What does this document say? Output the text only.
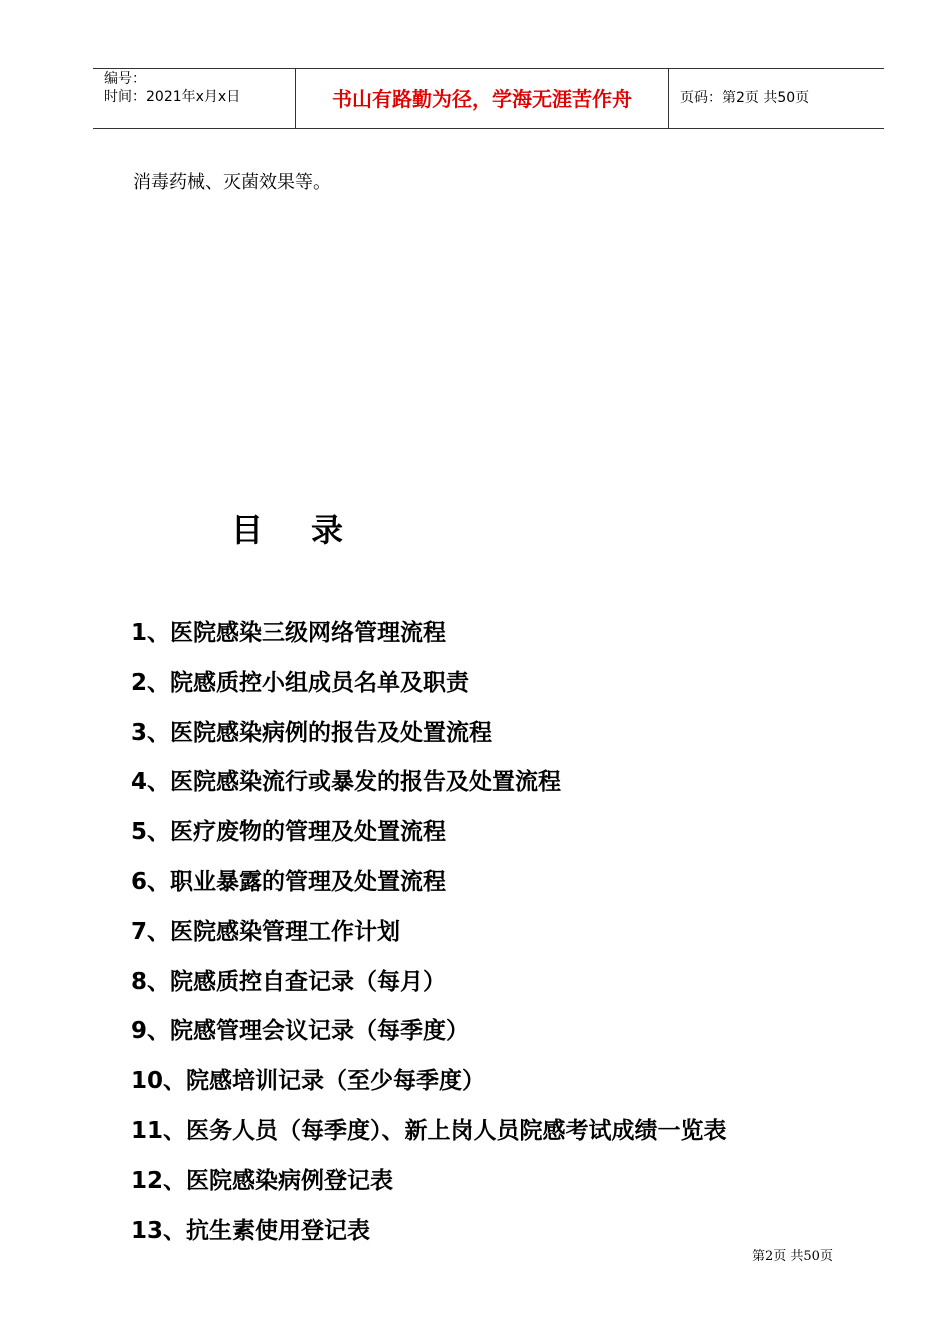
编号：
时间：2021年x月x日	书山有路勤为径，学海无涯苦作舟	页码：第2页 共50页
消毒药械、灭菌效果等。
目录
1、医院感染三级网络管理流程
2、院感质控小组成员名单及职责
3、医院感染病例的报告及处置流程
4、医院感染流行或暴发的报告及处置流程
5、医疗废物的管理及处置流程
6、职业暴露的管理及处置流程
7、医院感染管理工作计划
8、院感质控自查记录（每月）
9、院感管理会议记录（每季度）
10、院感培训记录（至少每季度）
11、医务人员（每季度）、新上岗人员院感考试成绩一览表
12、医院感染病例登记表
13、抗生素使用登记表
第2页 共50页
